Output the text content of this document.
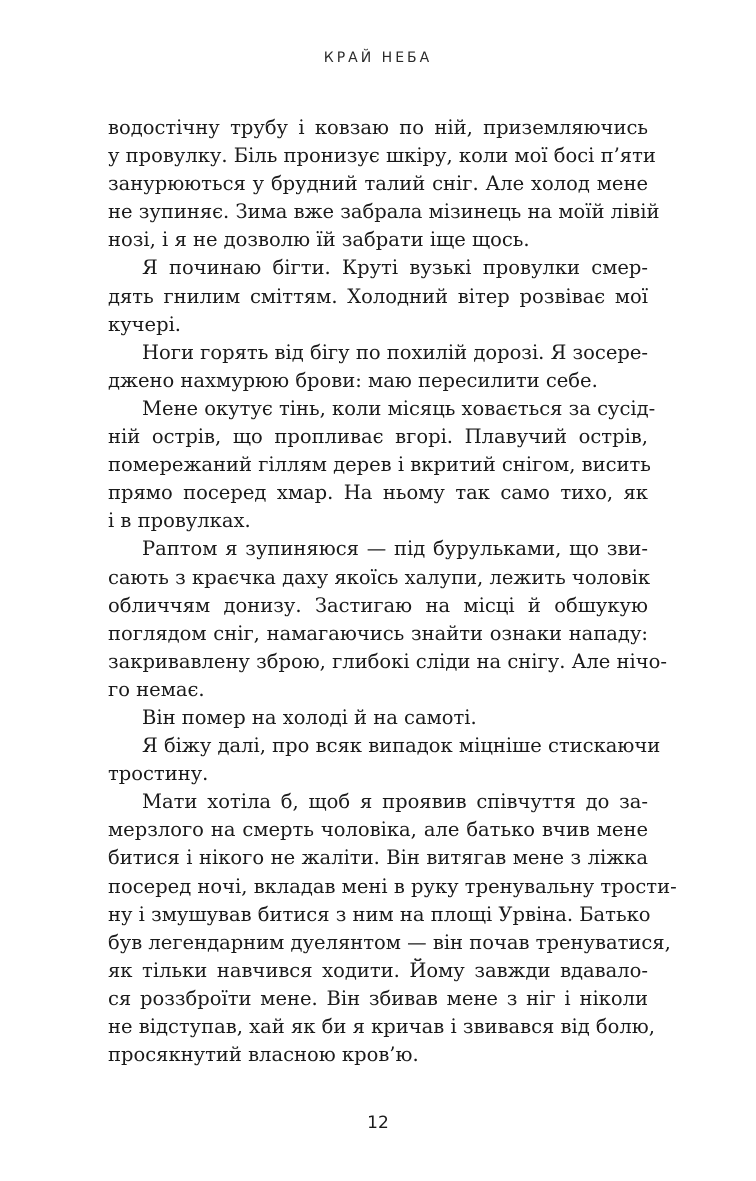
КРАЙ НЕБА
водостічну трубу і ковзаю по ній, приземляючись
у провулку. Біль пронизує шкіру, коли мої босі п’яти
занурюються у брудний талий сніг. Але холод мене
не зупиняє. Зима вже забрала мізинець на моїй лівій
нозі, і я не дозволю їй забрати іще щось.
Я починаю бігти. Круті вузькі провулки смер-
дять гнилим сміттям. Холодний вітер розвіває мої
кучері.
Ноги горять від бігу по похилій дорозі. Я зосере-
джено нахмурюю брови: маю пересилити себе.
Мене окутує тінь, коли місяць ховається за сусід-
ній острів, що пропливає вгорі. Плавучий острів,
помережаний гіллям дерев і вкритий снігом, висить
прямо посеред хмар. На ньому так само тихо, як
і в провулках.
Раптом я зупиняюся — під бурульками, що зви-
сають з краєчка даху якоїсь халупи, лежить чоловік
обличчям донизу. Застигаю на місці й обшукую
поглядом сніг, намагаючись знайти ознаки нападу:
закривавлену зброю, глибокі сліди на снігу. Але нічо-
го немає.
Він помер на холоді й на самоті.
Я біжу далі, про всяк випадок міцніше стискаючи
тростину.
Мати хотіла б, щоб я проявив співчуття до за-
мерзлого на смерть чоловіка, але батько вчив мене
битися і нікого не жаліти. Він витягав мене з ліжка
посеред ночі, вкладав мені в руку тренувальну трости-
ну і змушував битися з ним на площі Урвіна. Батько
був легендарним дуелянтом — він почав тренуватися,
як тільки навчився ходити. Йому завжди вдавало-
ся роззброїти мене. Він збивав мене з ніг і ніколи
не відступав, хай як би я кричав і звивався від болю,
просякнутий власною кров’ю.
12
